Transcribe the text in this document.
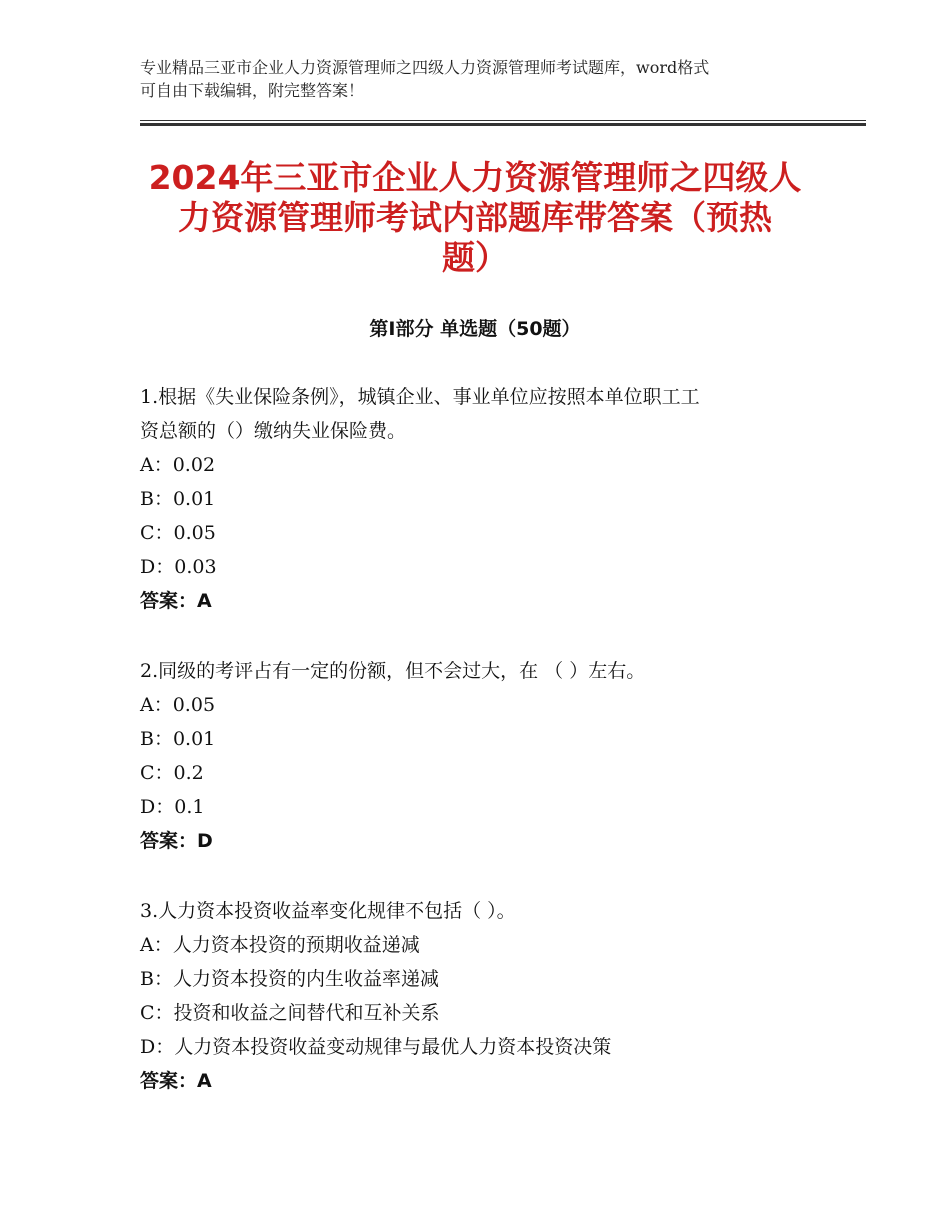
专业精品三亚市企业人力资源管理师之四级人力资源管理师考试题库，word格式
可自由下载编辑，附完整答案！
2024年三亚市企业人力资源管理师之四级人
力资源管理师考试内部题库带答案（预热
题）
第Ⅰ部分 单选题（50题）
1.根据《失业保险条例》，城镇企业、事业单位应按照本单位职工工
资总额的（）缴纳失业保险费。
A：0.02
B：0.01
C：0.05
D：0.03
答案：A
2.同级的考评占有一定的份额，但不会过大，在 （ ）左右。
A：0.05
B：0.01
C：0.2
D：0.1
答案：D
3.人力资本投资收益率变化规律不包括（ ）。
A：人力资本投资的预期收益递减
B：人力资本投资的内生收益率递减
C：投资和收益之间替代和互补关系
D：人力资本投资收益变动规律与最优人力资本投资决策
答案：A
